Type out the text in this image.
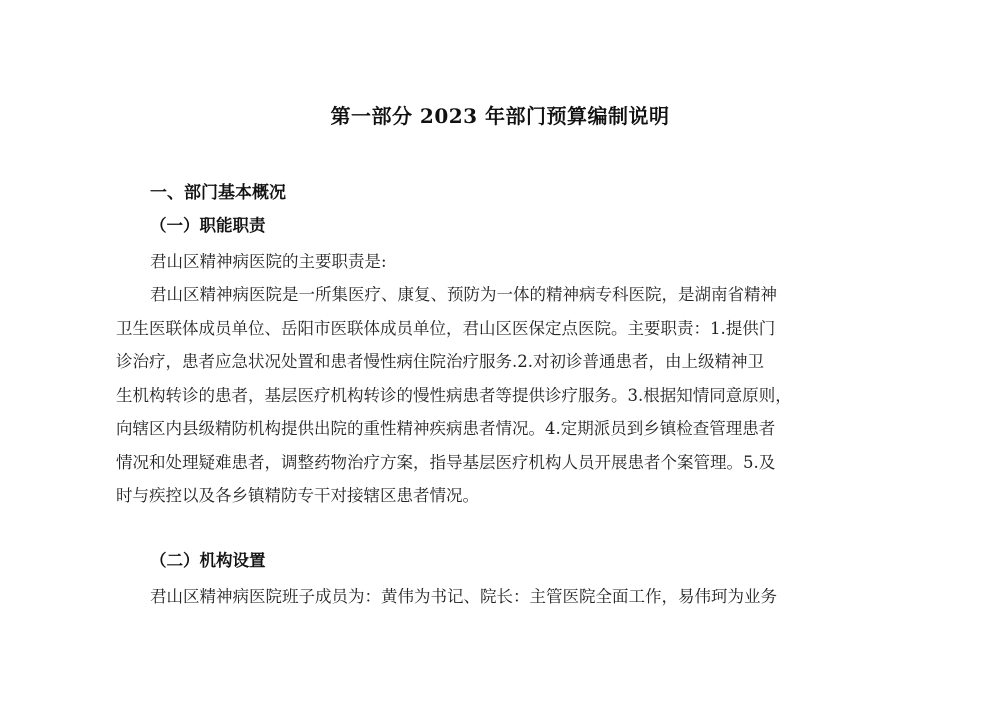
第一部分 2023 年部门预算编制说明
一、部门基本概况
（一）职能职责
君山区精神病医院的主要职责是:
君山区精神病医院是一所集医疗、康复、预防为一体的精神病专科医院，是湖南省精神
卫生医联体成员单位、岳阳市医联体成员单位，君山区医保定点医院。主要职责：1.提供门
诊治疗，患者应急状况处置和患者慢性病住院治疗服务.2.对初诊普通患者，由上级精神卫
生机构转诊的患者，基层医疗机构转诊的慢性病患者等提供诊疗服务。3.根据知情同意原则，
向辖区内县级精防机构提供出院的重性精神疾病患者情况。4.定期派员到乡镇检查管理患者
情况和处理疑难患者，调整药物治疗方案，指导基层医疗机构人员开展患者个案管理。5.及
时与疾控以及各乡镇精防专干对接辖区患者情况。
（二）机构设置
君山区精神病医院班子成员为：黄伟为书记、院长：主管医院全面工作，易伟珂为业务
